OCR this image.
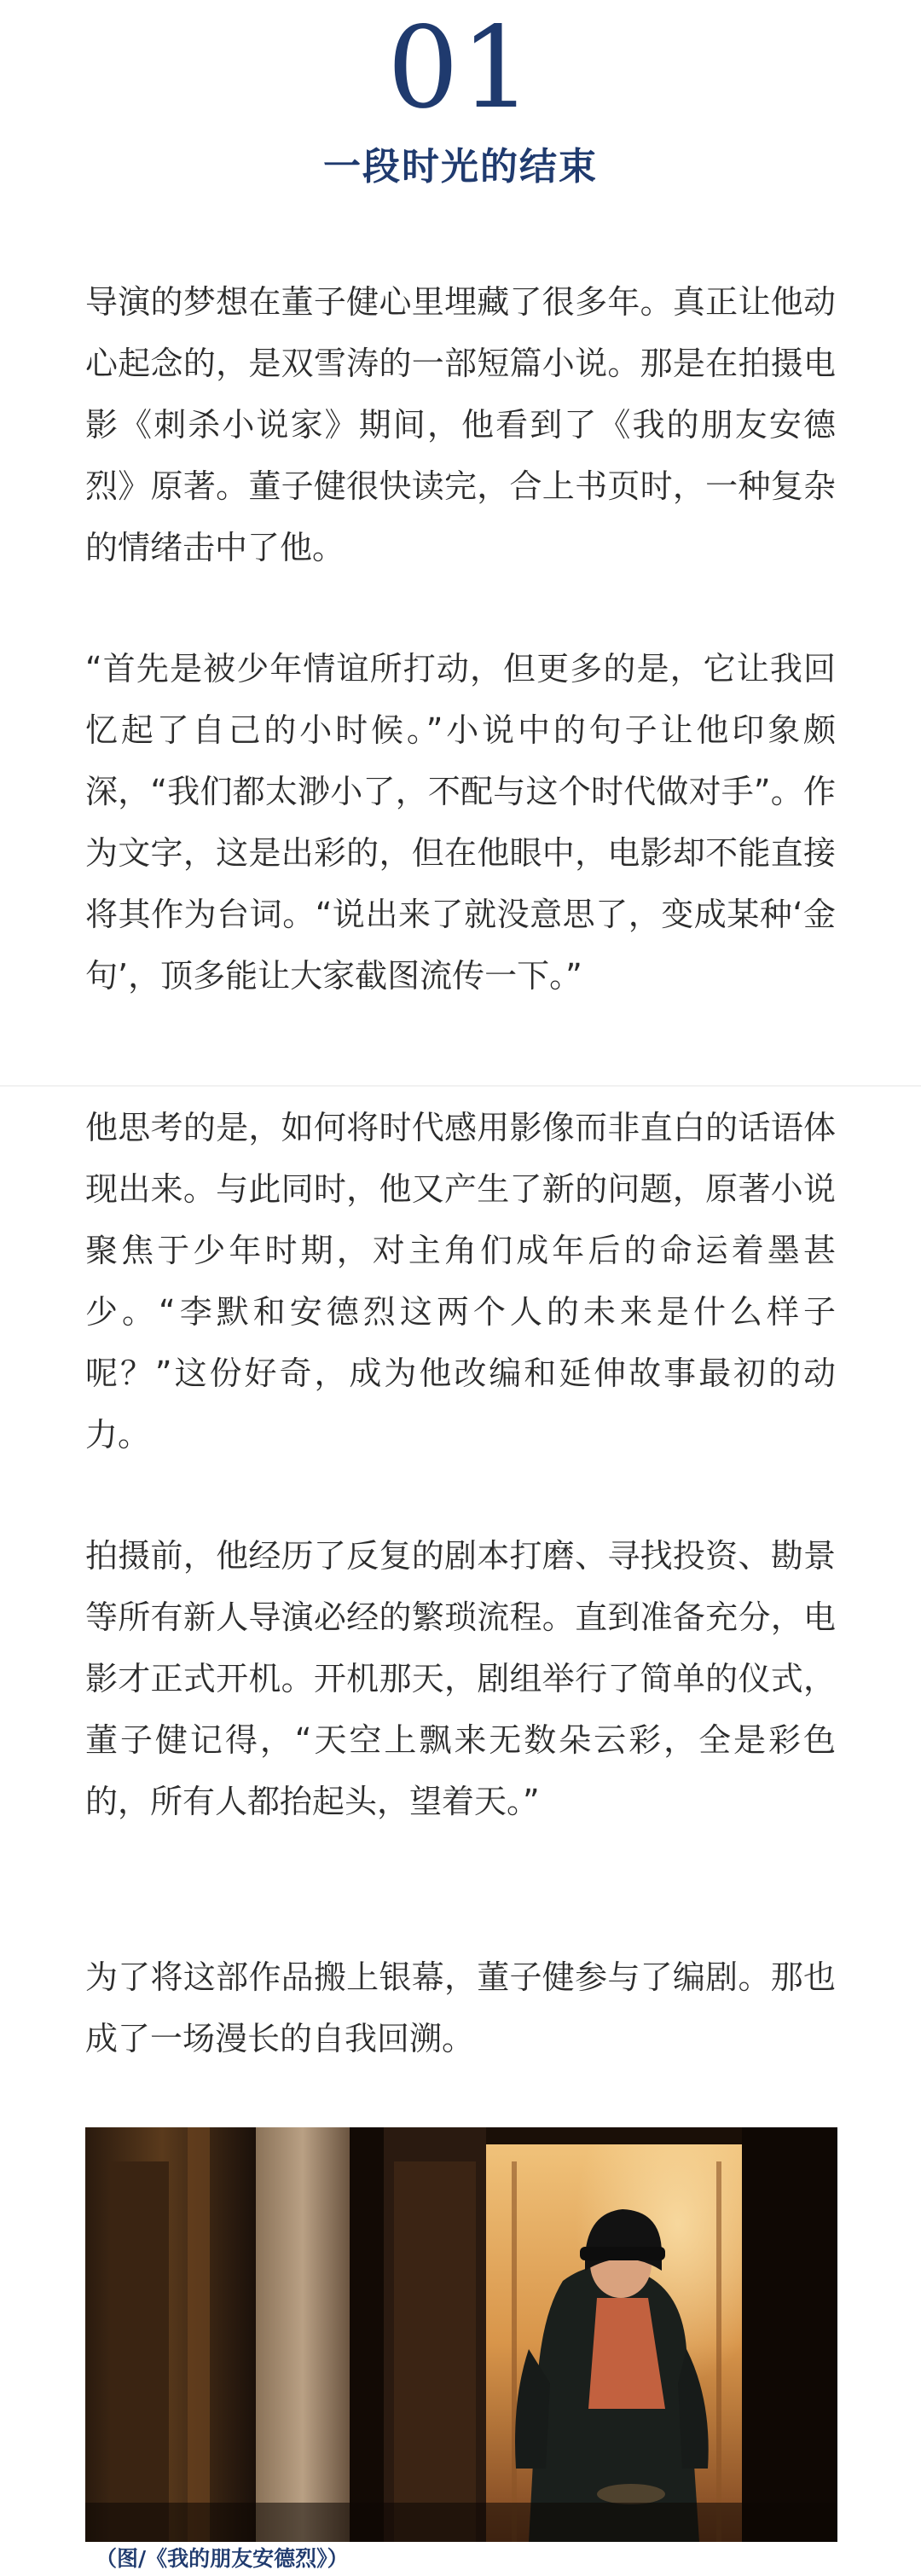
01
一段时光的结束

导演的梦想在董子健心里埋藏了很多年。真正让他动心起念的，是双雪涛的一部短篇小说。那是在拍摄电影《刺杀小说家》期间，他看到了《我的朋友安德烈》原著。董子健很快读完，合上书页时，一种复杂的情绪击中了他。

“首先是被少年情谊所打动，但更多的是，它让我回忆起了自己的小时候。”小说中的句子让他印象颇深，“我们都太渺小了，不配与这个时代做对手”。作为文字，这是出彩的，但在他眼中，电影却不能直接将其作为台词。“说出来了就没意思了，变成某种‘金句’，顶多能让大家截图流传一下。”

他思考的是，如何将时代感用影像而非直白的话语体现出来。与此同时，他又产生了新的问题，原著小说聚焦于少年时期，对主角们成年后的命运着墨甚少。“李默和安德烈这两个人的未来是什么样子呢？”这份好奇，成为他改编和延伸故事最初的动力。

拍摄前，他经历了反复的剧本打磨、寻找投资、勘景等所有新人导演必经的繁琐流程。直到准备充分，电影才正式开机。开机那天，剧组举行了简单的仪式，董子健记得，“天空上飘来无数朵云彩，全是彩色的，所有人都抬起头，望着天。”

为了将这部作品搬上银幕，董子健参与了编剧。那也成了一场漫长的自我回溯。

（图/《我的朋友安德烈》）
